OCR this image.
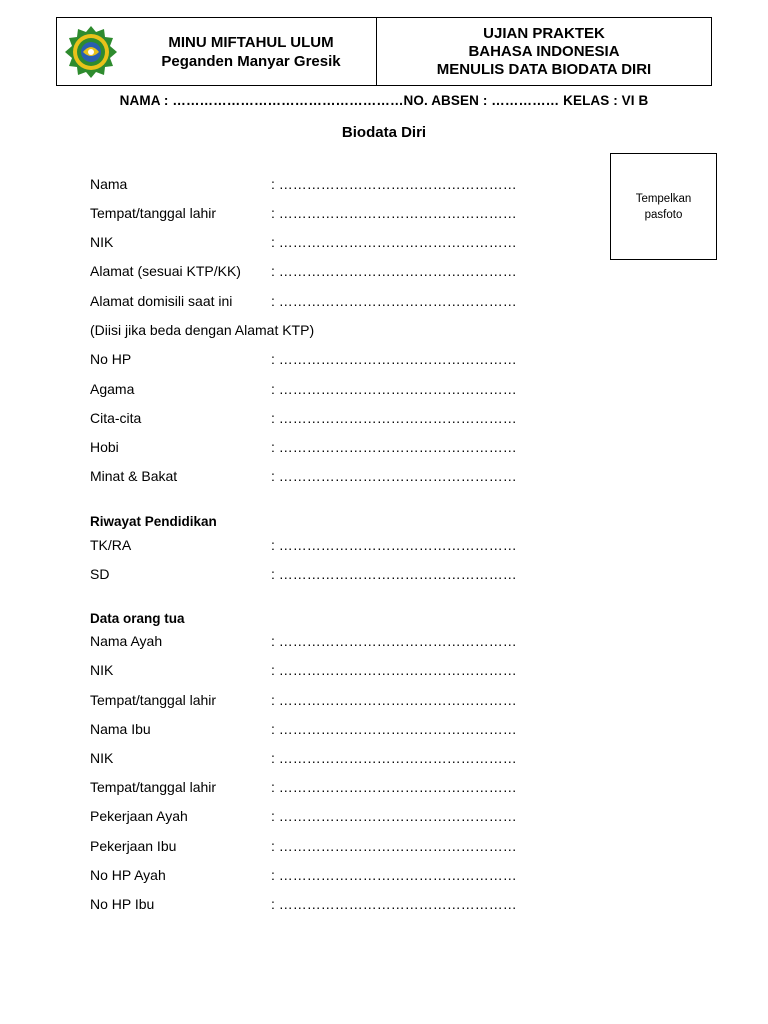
MINU MIFTAHUL ULUM
Peganden Manyar Gresik
UJIAN PRAKTEK
BAHASA INDONESIA
MENULIS DATA BIODATA DIRI
NAMA : ……………………………………………NO. ABSEN : …………… KELAS : VI B
Biodata Diri
Tempelkan
pasfoto
Nama	: ……………………………………………
Tempat/tanggal lahir	: ……………………………………………
NIK	: ……………………………………………
Alamat (sesuai KTP/KK) : ……………………………………………
Alamat domisili saat ini	: ……………………………………………
(Diisi jika beda dengan Alamat KTP)
No HP	: ……………………………………………
Agama	: ……………………………………………
Cita-cita	: ……………………………………………
Hobi	: ……………………………………………
Minat & Bakat	: ……………………………………………
Riwayat Pendidikan
TK/RA	: ……………………………………………
SD	: ……………………………………………
Data orang tua
Nama Ayah	: ……………………………………………
NIK	: ……………………………………………
Tempat/tanggal lahir	: ……………………………………………
Nama Ibu	: ……………………………………………
NIK	: ……………………………………………
Tempat/tanggal lahir	: ……………………………………………
Pekerjaan Ayah	: ……………………………………………
Pekerjaan Ibu	: ……………………………………………
No HP Ayah	: ……………………………………………
No HP Ibu	: ……………………………………………
